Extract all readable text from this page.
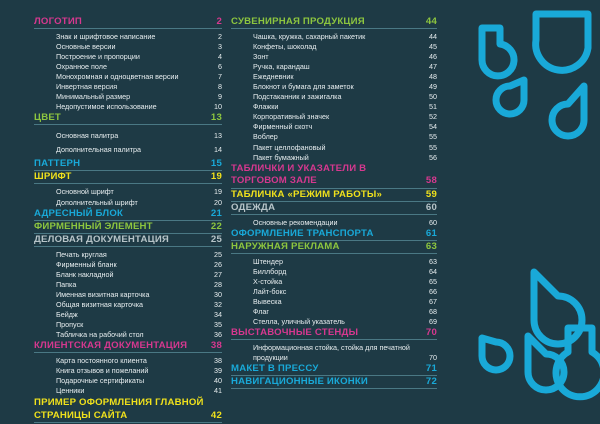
ЛОГОТИП	2
Знак и шрифтовое написание	2
Основные версии	3
Построение и пропорции	4
Охранное поле	6
Монохромная и одноцветная версии	7
Инвертная версия	8
Минимальный размер	9
Недопустимое использование	10
ЦВЕТ	13
Основная палитра	13
Дополнительная палитра	14
ПАТТЕРН	15
ШРИФТ	19
Основной шрифт	19
Дополнительный шрифт	20
АДРЕСНЫЙ БЛОК	21
ФИРМЕННЫЙ ЭЛЕМЕНТ	22
ДЕЛОВАЯ ДОКУМЕНТАЦИЯ	25
Печать круглая	25
Фирменный бланк	26
Бланк накладной	27
Папка	28
Именная визитная карточка	30
Общая визитная карточка	32
Бейдж	34
Пропуск	35
Табличка на рабочий стол	36
КЛИЕНТСКАЯ ДОКУМЕНТАЦИЯ 38
Карта постоянного клиента	38
Книга отзывов и пожеланий	39
Подарочные сертификаты	40
Ценники	41
ПРИМЕР ОФОРМЛЕНИЯ ГЛАВНОЙ СТРАНИЦЫ САЙТА	42
СУВЕНИРНАЯ ПРОДУКЦИЯ	44
Чашка, кружка, сахарный пакетик	44
Конфеты, шоколад	45
Зонт	46
Ручка, карандаш	47
Ежедневник	48
Блокнот и бумага для заметок	49
Подстаканник и зажигалка	50
Флажки	51
Корпоративный значек	52
Фирменный скотч	54
Воблер	55
Пакет целлофановый	55
Пакет бумажный	56
ТАБЛИЧКИ И УКАЗАТЕЛИ В ТОРГОВОМ ЗАЛЕ	58
ТАБЛИЧКА «РЕЖИМ РАБОТЫ»	59
ОДЕЖДА	60
Основные рекомендации	60
ОФОРМЛЕНИЕ ТРАНСПОРТА	61
НАРУЖНАЯ РЕКЛАМА	63
Штендер	63
Биллборд	64
Х-стойка	65
Лайт-бокс	66
Вывеска	67
Флаг	68
Стелла, уличный указатель	69
ВЫСТАВОЧНЫЕ СТЕНДЫ	70
Информационная стойка, стойка для печатной продукции	70
МАКЕТ В ПРЕССУ	71
НАВИГАЦИОННЫЕ ИКОНКИ	72
